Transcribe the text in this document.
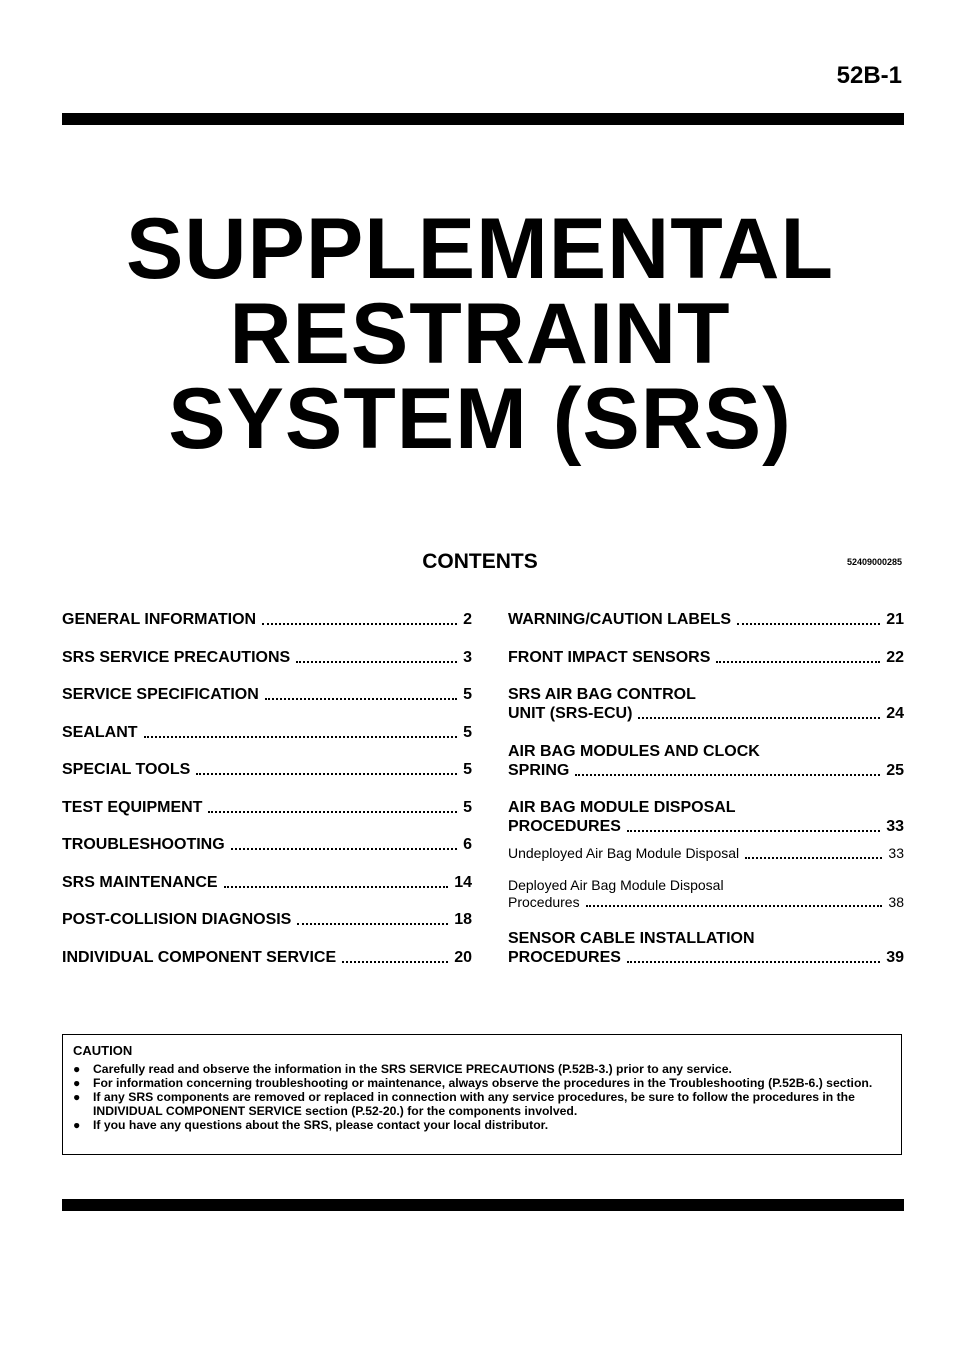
52B-1
SUPPLEMENTAL
RESTRAINT
SYSTEM (SRS)
CONTENTS	52409000285
GENERAL INFORMATION	2
SRS SERVICE PRECAUTIONS	3
SERVICE SPECIFICATION	5
SEALANT	5
SPECIAL TOOLS	5
TEST EQUIPMENT	5
TROUBLESHOOTING	6
SRS MAINTENANCE	14
POST-COLLISION DIAGNOSIS	18
INDIVIDUAL COMPONENT SERVICE	20
WARNING/CAUTION LABELS	21
FRONT IMPACT SENSORS	22
SRS AIR BAG CONTROL
UNIT (SRS-ECU)	24
AIR BAG MODULES AND CLOCK
SPRING	25
AIR BAG MODULE DISPOSAL
PROCEDURES	33
Undeployed Air Bag Module Disposal	33
Deployed Air Bag Module Disposal
Procedures	38
SENSOR CABLE INSTALLATION
PROCEDURES	39
CAUTION
●	Carefully read and observe the information in the SRS SERVICE PRECAUTIONS (P.52B-3.) prior to any service.
●	For information concerning troubleshooting or maintenance, always observe the procedures in the Troubleshooting (P.52B-6.) section.
●	If any SRS components are removed or replaced in connection with any service procedures, be sure to follow the procedures in the INDIVIDUAL COMPONENT SERVICE section (P.52-20.) for the components involved.
●	If you have any questions about the SRS, please contact your local distributor.
